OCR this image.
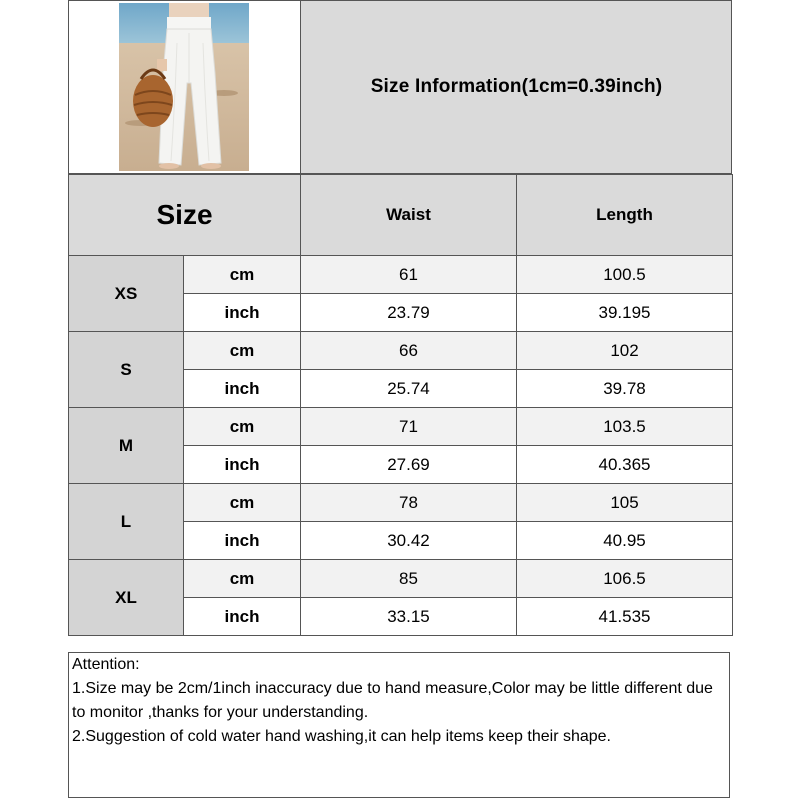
Size Information(1cm=0.39inch)
Size		Waist	Length
XS	cm	61	100.5
	inch	23.79	39.195
S	cm	66	102
	inch	25.74	39.78
M	cm	71	103.5
	inch	27.69	40.365
L	cm	78	105
	inch	30.42	40.95
XL	cm	85	106.5
	inch	33.15	41.535
Attention:
1.Size may be 2cm/1inch inaccuracy due to hand measure,Color may be little different due to monitor ,thanks for your understanding.
2.Suggestion of cold water hand washing,it can help items keep their shape.
